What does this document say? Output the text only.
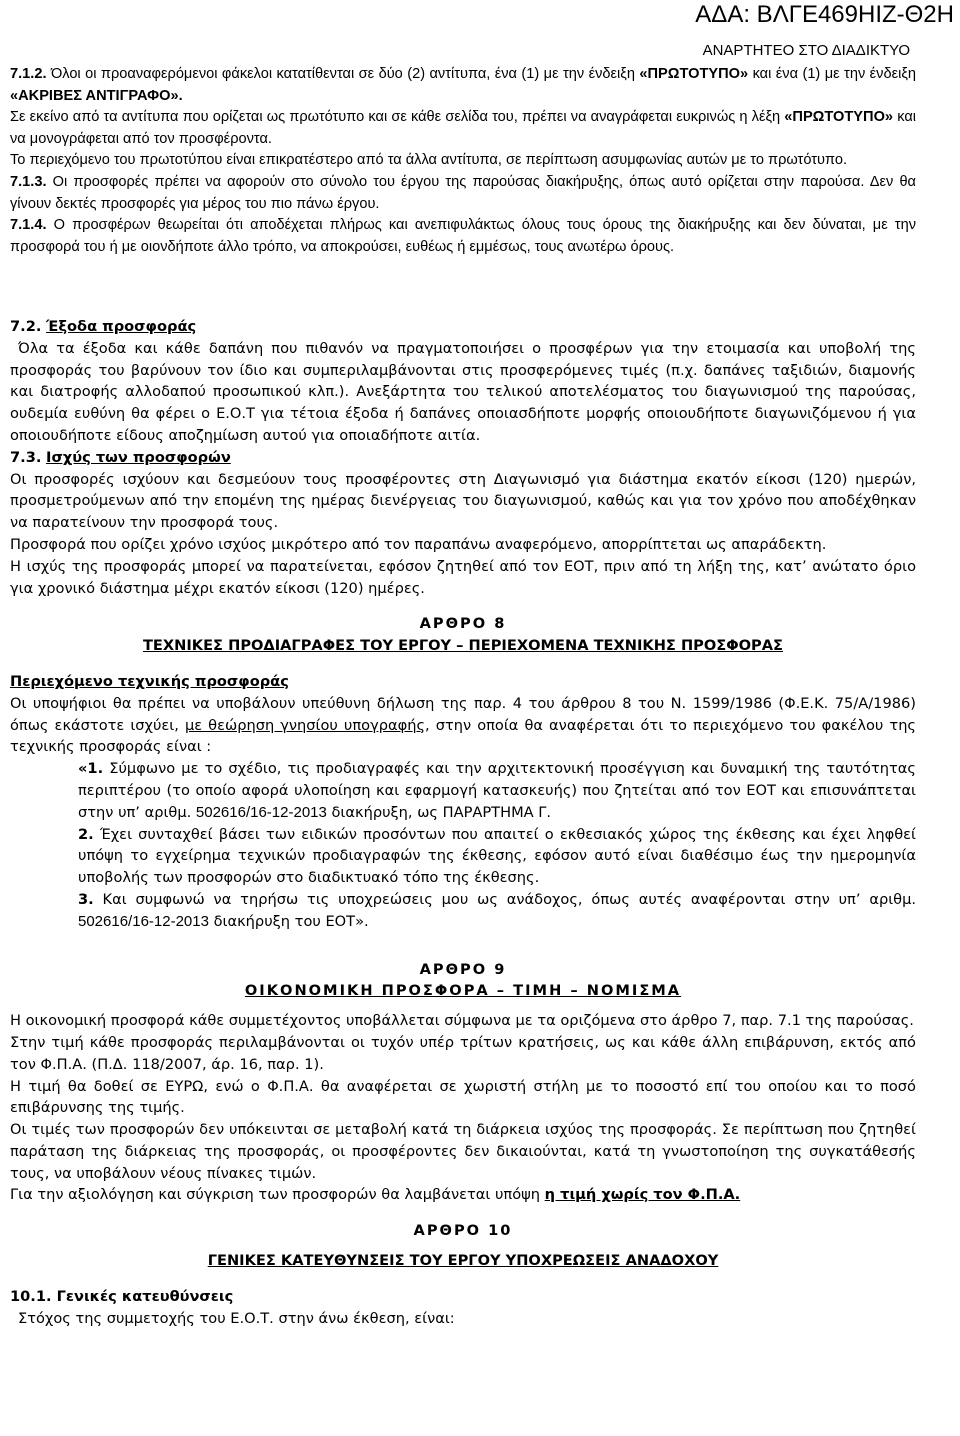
ΑΔΑ: ΒΛΓΕ469ΗΙΖ-Θ2Η
ΑΝΑΡΤΗΤΕΟ ΣΤΟ ΔΙΑΔΙΚΤΥΟ

7.1.2. Όλοι οι προαναφερόμενοι φάκελοι κατατίθενται σε δύο (2) αντίτυπα, ένα (1) με την ένδειξη «ΠΡΩΤΟΤΥΠΟ» και ένα (1) με την ένδειξη «ΑΚΡΙΒΕΣ ΑΝΤΙΓΡΑΦΟ».

Σε εκείνο από τα αντίτυπα που ορίζεται ως πρωτότυπο και σε κάθε σελίδα του, πρέπει να αναγράφεται ευκρινώς η λέξη «ΠΡΩΤΟΤΥΠΟ» και να μονογράφεται από τον προσφέροντα.

Το περιεχόμενο του πρωτοτύπου είναι επικρατέστερο από τα άλλα αντίτυπα, σε περίπτωση ασυμφωνίας αυτών με το πρωτότυπο.

7.1.3. Οι προσφορές πρέπει να αφορούν στο σύνολο του έργου της παρούσας διακήρυξης, όπως αυτό ορίζεται στην παρούσα. Δεν θα γίνουν δεκτές προσφορές για μέρος του πιο πάνω έργου.

7.1.4. Ο προσφέρων θεωρείται ότι αποδέχεται πλήρως και ανεπιφυλάκτως όλους τους όρους της διακήρυξης και δεν δύναται, με την προσφορά του ή με οιονδήποτε άλλο τρόπο, να αποκρούσει, ευθέως ή εμμέσως, τους ανωτέρω όρους.

7.2. Έξοδα προσφοράς

Όλα τα έξοδα και κάθε δαπάνη που πιθανόν να πραγματοποιήσει ο προσφέρων για την ετοιμασία και υποβολή της προσφοράς του βαρύνουν τον ίδιο και συμπεριλαμβάνονται στις προσφερόμενες τιμές (π.χ. δαπάνες ταξιδιών, διαμονής και διατροφής αλλοδαπού προσωπικού κλπ.). Ανεξάρτητα του τελικού αποτελέσματος του διαγωνισμού της παρούσας, ουδεμία ευθύνη θα φέρει ο Ε.Ο.Τ για τέτοια έξοδα ή δαπάνες οποιασδήποτε μορφής οποιουδήποτε διαγωνιζόμενου ή για οποιουδήποτε είδους αποζημίωση αυτού για οποιαδήποτε αιτία.

7.3. Ισχύς των προσφορών

Οι προσφορές ισχύουν και δεσμεύουν τους προσφέροντες στη Διαγωνισμό για διάστημα εκατόν είκοσι (120) ημερών, προσμετρούμενων από την επομένη της ημέρας διενέργειας του διαγωνισμού, καθώς και για τον χρόνο που αποδέχθηκαν να παρατείνουν την προσφορά τους.

Προσφορά που ορίζει χρόνο ισχύος μικρότερο από τον παραπάνω αναφερόμενο, απορρίπτεται ως απαράδεκτη.

Η ισχύς της προσφοράς μπορεί να παρατείνεται, εφόσον ζητηθεί από τον ΕΟΤ, πριν από τη λήξη της, κατ’ ανώτατο όριο για χρονικό διάστημα μέχρι εκατόν είκοσι (120) ημέρες.

ΑΡΘΡΟ 8

ΤΕΧΝΙΚΕΣ ΠΡΟΔΙΑΓΡΑΦΕΣ ΤΟΥ ΕΡΓΟΥ – ΠΕΡΙΕΧΟΜΕΝΑ ΤΕΧΝΙΚΗΣ ΠΡΟΣΦΟΡΑΣ

Περιεχόμενο τεχνικής προσφοράς

Οι υποψήφιοι θα πρέπει να υποβάλουν υπεύθυνη δήλωση της παρ. 4 του άρθρου 8 του Ν. 1599/1986 (Φ.Ε.Κ. 75/Α/1986) όπως εκάστοτε ισχύει, με θεώρηση γνησίου υπογραφής, στην οποία θα αναφέρεται ότι το περιεχόμενο του φακέλου της τεχνικής προσφοράς είναι :

«1. Σύμφωνο με το σχέδιο, τις προδιαγραφές και την αρχιτεκτονική προσέγγιση και δυναμική της ταυτότητας περιπτέρου (το οποίο αφορά υλοποίηση και εφαρμογή κατασκευής) που ζητείται από τον ΕΟΤ και επισυνάπτεται στην υπ’ αριθμ. 502616/16-12-2013 διακήρυξη, ως ΠΑΡΑΡΤΗΜΑ Γ.

2. Έχει συνταχθεί βάσει των ειδικών προσόντων που απαιτεί ο εκθεσιακός χώρος της έκθεσης και έχει ληφθεί υπόψη το εγχείρημα τεχνικών προδιαγραφών της έκθεσης, εφόσον αυτό είναι διαθέσιμο έως την ημερομηνία υποβολής των προσφορών στο διαδικτυακό τόπο της έκθεσης.

3. Και συμφωνώ να τηρήσω τις υποχρεώσεις μου ως ανάδοχος, όπως αυτές αναφέρονται στην υπ’ αριθμ. 502616/16-12-2013 διακήρυξη του ΕΟΤ».

ΑΡΘΡΟ 9

ΟΙΚΟΝΟΜΙΚΗ ΠΡΟΣΦΟΡΑ – ΤΙΜΗ – ΝΟΜΙΣΜΑ

Η οικονομική προσφορά κάθε συμμετέχοντος υποβάλλεται σύμφωνα με τα οριζόμενα στο άρθρο 7, παρ. 7.1 της παρούσας.

Στην τιμή κάθε προσφοράς περιλαμβάνονται οι τυχόν υπέρ τρίτων κρατήσεις, ως και κάθε άλλη επιβάρυνση, εκτός από τον Φ.Π.Α. (Π.Δ. 118/2007, άρ. 16, παρ. 1).

Η τιμή θα δοθεί σε ΕΥΡΩ, ενώ ο Φ.Π.Α. θα αναφέρεται σε χωριστή στήλη με το ποσοστό επί του οποίου και το ποσό επιβάρυνσης της τιμής.

Οι τιμές των προσφορών δεν υπόκεινται σε μεταβολή κατά τη διάρκεια ισχύος της προσφοράς. Σε περίπτωση που ζητηθεί παράταση της διάρκειας της προσφοράς, οι προσφέροντες δεν δικαιούνται, κατά τη γνωστοποίηση της συγκατάθεσής τους, να υποβάλουν νέους πίνακες τιμών.

Για την αξιολόγηση και σύγκριση των προσφορών θα λαμβάνεται υπόψη η τιμή χωρίς τον Φ.Π.Α.

ΑΡΘΡΟ 10

ΓΕΝΙΚΕΣ ΚΑΤΕΥΘΥΝΣΕΙΣ ΤΟΥ ΕΡΓΟΥ ΥΠΟΧΡΕΩΣΕΙΣ ΑΝΑΔΟΧΟΥ

10.1. Γενικές κατευθύνσεις

Στόχος της συμμετοχής του Ε.Ο.Τ. στην άνω έκθεση, είναι:
